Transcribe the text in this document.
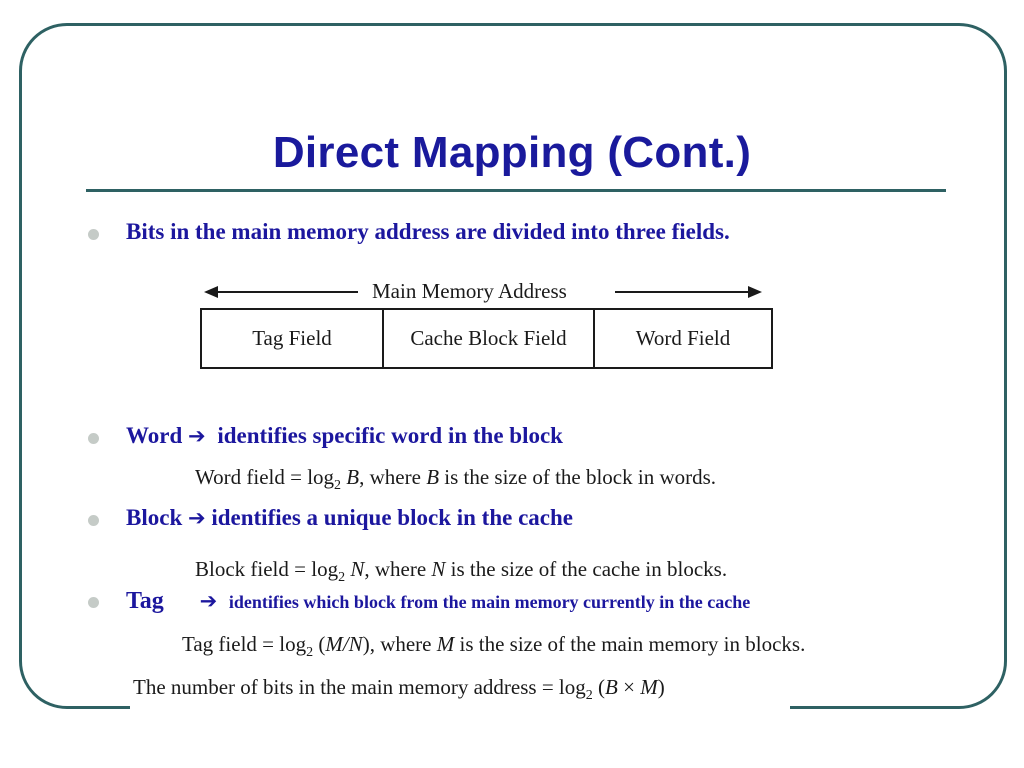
Direct Mapping (Cont.)
Bits in the main memory address are divided into three fields.
Main Memory Address
Tag Field	Cache Block Field	Word Field
Word ➔ identifies specific word in the block
Word field = $\log_2 B$, where B is the size of the block in words.
Block ➔ identifies a unique block in the cache
Block field = $\log_2 N$, where N is the size of the cache in blocks.
Tag ➔ identifies which block from the main memory currently in the cache
Tag field = $\log_2 (M/N)$, where M is the size of the main memory in blocks.
The number of bits in the main memory address = $\log_2 (B \times M)$
